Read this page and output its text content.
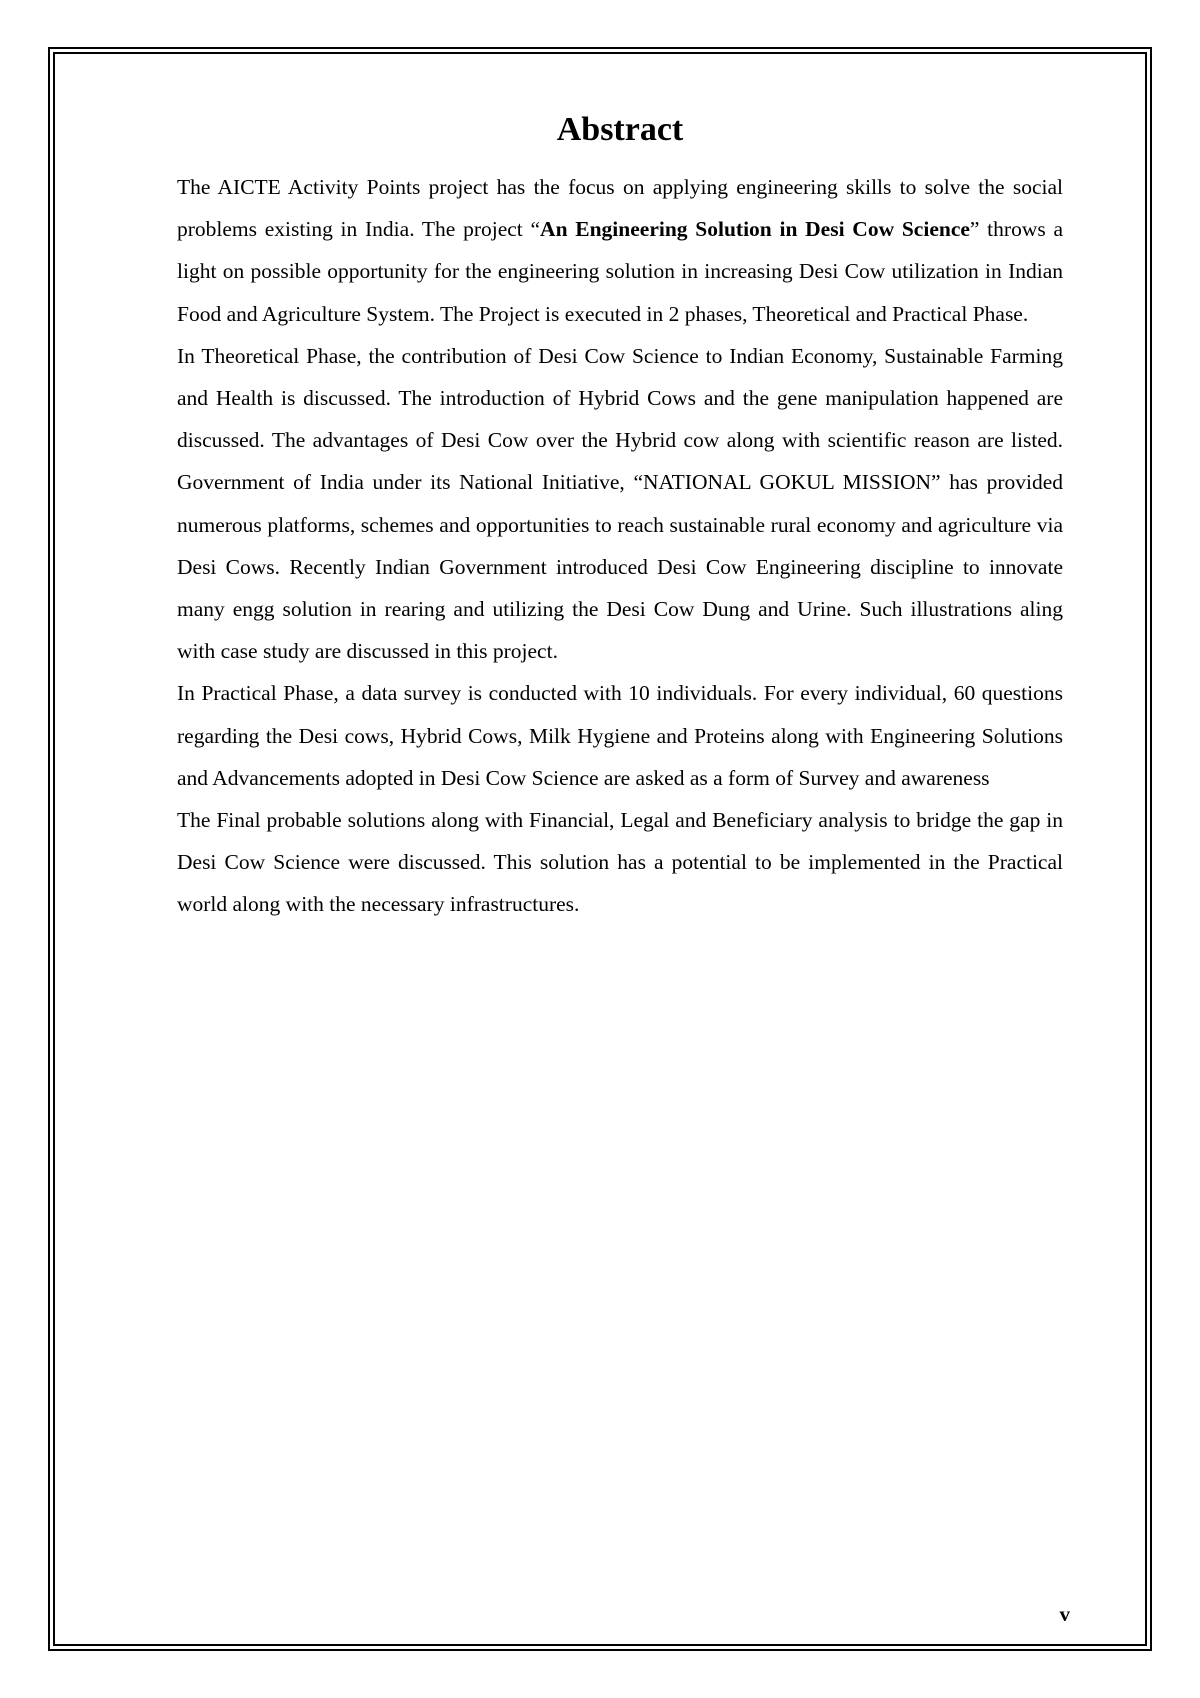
Abstract

The AICTE Activity Points project has the focus on applying engineering skills to solve the social problems existing in India. The project “An Engineering Solution in Desi Cow Science” throws a light on possible opportunity for the engineering solution in increasing Desi Cow utilization in Indian Food and Agriculture System. The Project is executed in 2 phases, Theoretical and Practical Phase.

In Theoretical Phase, the contribution of Desi Cow Science to Indian Economy, Sustainable Farming and Health is discussed. The introduction of Hybrid Cows and the gene manipulation happened are discussed. The advantages of Desi Cow over the Hybrid cow along with scientific reason are listed. Government of India under its National Initiative, “NATIONAL GOKUL MISSION” has provided numerous platforms, schemes and opportunities to reach sustainable rural economy and agriculture via Desi Cows. Recently Indian Government introduced Desi Cow Engineering discipline to innovate many engg solution in rearing and utilizing the Desi Cow Dung and Urine. Such illustrations aling with case study are discussed in this project.

In Practical Phase, a data survey is conducted with 10 individuals. For every individual, 60 questions regarding the Desi cows, Hybrid Cows, Milk Hygiene and Proteins along with Engineering Solutions and Advancements adopted in Desi Cow Science are asked as a form of Survey and awareness

The Final probable solutions along with Financial, Legal and Beneficiary analysis to bridge the gap in Desi Cow Science were discussed. This solution has a potential to be implemented in the Practical world along with the necessary infrastructures.

v
